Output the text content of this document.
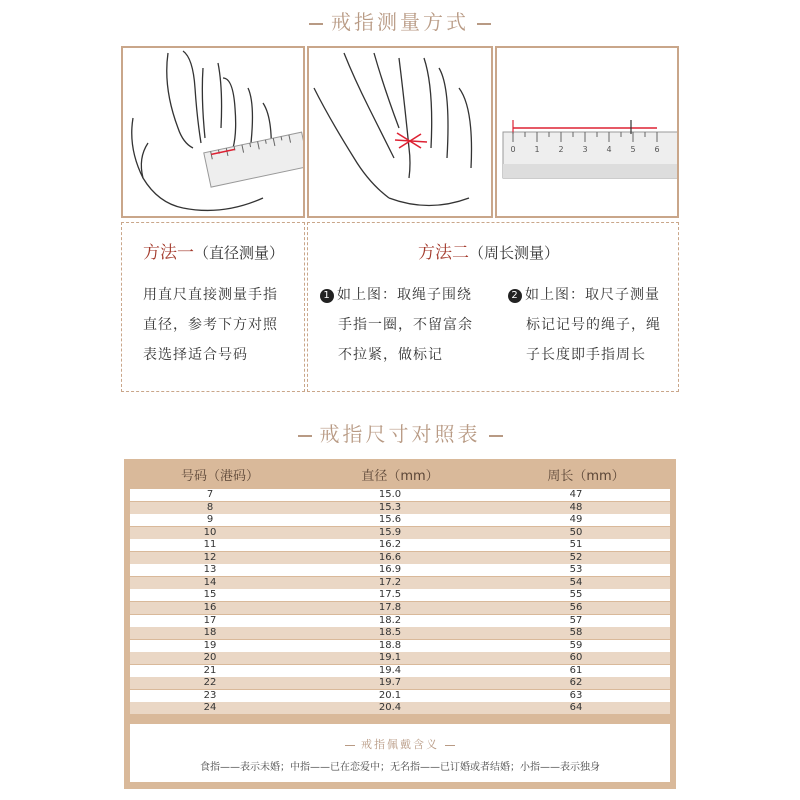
戒指测量方式
0 1 2 3 4 5 6
方法一（直径测量）
用直尺直接测量手指
直径，参考下方对照
表选择适合号码
方法二（周长测量）
1 如上图：取绳子围绕
手指一圈，不留富余
不拉紧，做标记
2 如上图：取尺子测量
标记记号的绳子，绳
子长度即手指周长
戒指尺寸对照表
号码（港码）	直径（mm）	周长（mm）
7	15.0	47
8	15.3	48
9	15.6	49
10	15.9	50
11	16.2	51
12	16.6	52
13	16.9	53
14	17.2	54
15	17.5	55
16	17.8	56
17	18.2	57
18	18.5	58
19	18.8	59
20	19.1	60
21	19.4	61
22	19.7	62
23	20.1	63
24	20.4	64
戒指佩戴含义
食指——表示未婚；中指——已在恋爱中；无名指——已订婚或者结婚；小指——表示独身
